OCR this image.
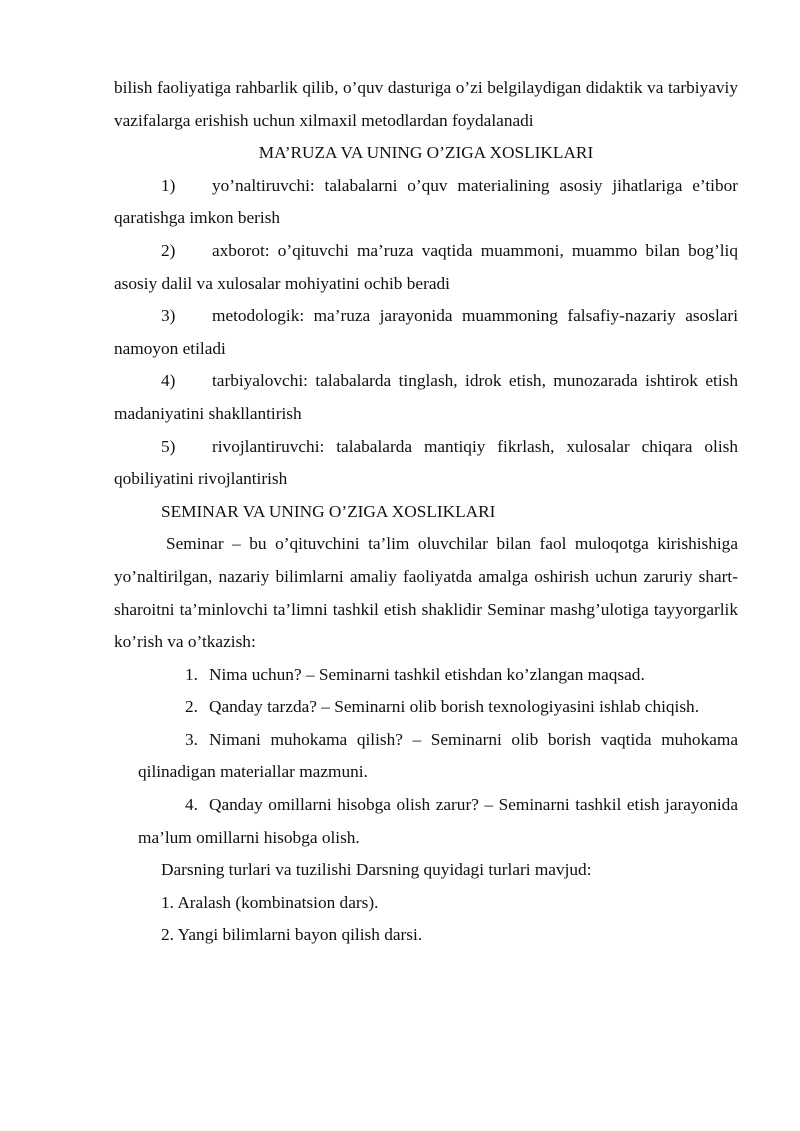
bilish faoliyatiga rahbarlik qilib, o’quv dasturiga o’zi belgilaydigan didaktik va tarbiyaviy vazifalarga erishish uchun xilmaxil metodlardan foydalanadi

MA’RUZA VA UNING O’ZIGA XOSLIKLARI

1) yo’naltiruvchi: talabalarni o’quv materialining asosiy jihatlariga e’tibor qaratishga imkon berish

2) axborot: o’qituvchi ma’ruza vaqtida muammoni, muammo bilan bog’liq asosiy dalil va xulosalar mohiyatini ochib beradi

3) metodologik: ma’ruza jarayonida muammoning falsafiy-nazariy asoslari namoyon etiladi

4) tarbiyalovchi: talabalarda tinglash, idrok etish, munozarada ishtirok etish madaniyatini shakllantirish

5) rivojlantiruvchi: talabalarda mantiqiy fikrlash, xulosalar chiqara olish qobiliyatini rivojlantirish

SEMINAR VA UNING O’ZIGA XOSLIKLARI

Seminar – bu o’qituvchini ta’lim oluvchilar bilan faol muloqotga kirishishiga yo’naltirilgan, nazariy bilimlarni amaliy faoliyatda amalga oshirish uchun zaruriy shart-sharoitni ta’minlovchi ta’limni tashkil etish shaklidir Seminar mashg’ulotiga tayyorgarlik ko’rish va o’tkazish:

1. Nima uchun? – Seminarni tashkil etishdan ko’zlangan maqsad.

2. Qanday tarzda? – Seminarni olib borish texnologiyasini ishlab chiqish.

3. Nimani muhokama qilish? – Seminarni olib borish vaqtida muhokama qilinadigan materiallar mazmuni.

4. Qanday omillarni hisobga olish zarur? – Seminarni tashkil etish jarayonida ma’lum omillarni hisobga olish.

Darsning turlari va tuzilishi Darsning quyidagi turlari mavjud:

1. Aralash (kombinatsion dars).

2. Yangi bilimlarni bayon qilish darsi.
